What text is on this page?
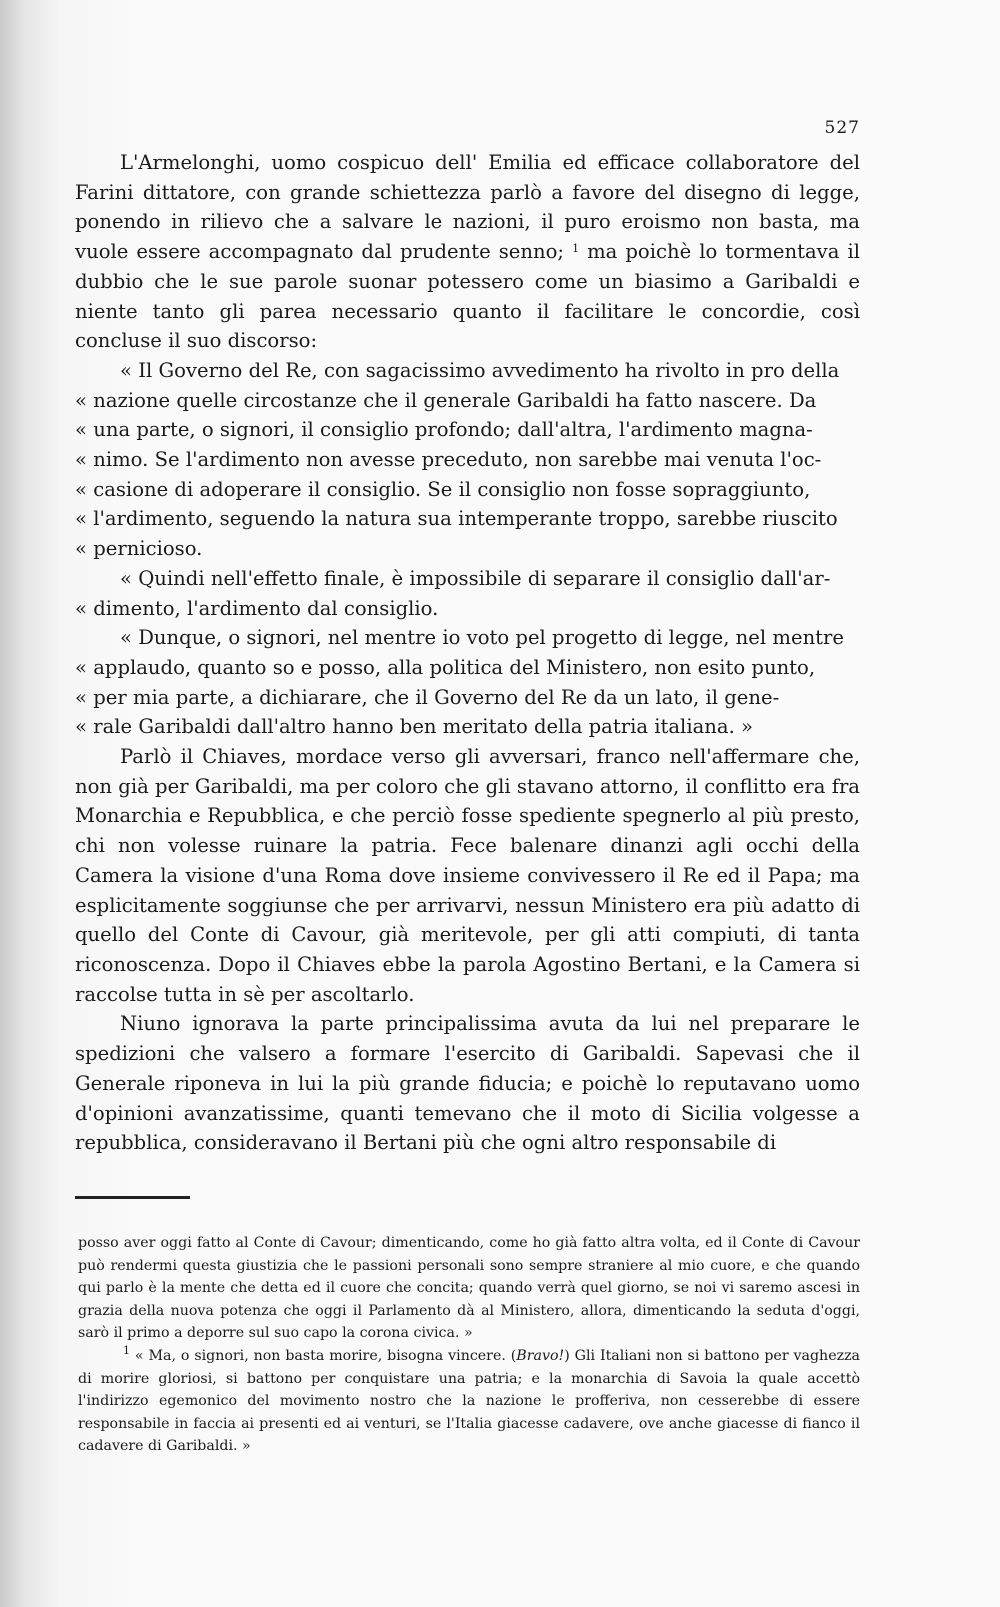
527

L'Armelonghi, uomo cospicuo dell' Emilia ed efficace collaboratore del Farini dittatore, con grande schiettezza parlò a favore del disegno di legge, ponendo in rilievo che a salvare le nazioni, il puro eroismo non basta, ma vuole essere accompagnato dal prudente senno; $^1$ ma poichè lo tormentava il dubbio che le sue parole suonar potessero come un biasimo a Garibaldi e niente tanto gli parea necessario quanto il facilitare le concordie, così concluse il suo discorso:

« Il Governo del Re, con sagacissimo avvedimento ha rivolto in pro della
« nazione quelle circostanze che il generale Garibaldi ha fatto nascere. Da
« una parte, o signori, il consiglio profondo; dall'altra, l'ardimento magna-
« nimo. Se l'ardimento non avesse preceduto, non sarebbe mai venuta l'oc-
« casione di adoperare il consiglio. Se il consiglio non fosse sopraggiunto,
« l'ardimento, seguendo la natura sua intemperante troppo, sarebbe riuscito
« pernicioso.

« Quindi nell'effetto finale, è impossibile di separare il consiglio dall'ar-
« dimento, l'ardimento dal consiglio.

« Dunque, o signori, nel mentre io voto pel progetto di legge, nel mentre
« applaudo, quanto so e posso, alla politica del Ministero, non esito punto,
« per mia parte, a dichiarare, che il Governo del Re da un lato, il gene-
« rale Garibaldi dall'altro hanno ben meritato della patria italiana. »

Parlò il Chiaves, mordace verso gli avversari, franco nell'affermare che, non già per Garibaldi, ma per coloro che gli stavano attorno, il conflitto era fra Monarchia e Repubblica, e che perciò fosse spediente spegnerlo al più presto, chi non volesse ruinare la patria. Fece balenare dinanzi agli occhi della Camera la visione d'una Roma dove insieme convivessero il Re ed il Papa; ma esplicitamente soggiunse che per arrivarvi, nessun Ministero era più adatto di quello del Conte di Cavour, già meritevole, per gli atti compiuti, di tanta riconoscenza. Dopo il Chiaves ebbe la parola Agostino Bertani, e la Camera si raccolse tutta in sè per ascoltarlo.

Niuno ignorava la parte principalissima avuta da lui nel preparare le spedizioni che valsero a formare l'esercito di Garibaldi. Sapevasi che il Generale riponeva in lui la più grande fiducia; e poichè lo reputavano uomo d'opinioni avanzatissime, quanti temevano che il moto di Sicilia volgesse a repubblica, consideravano il Bertani più che ogni altro responsabile di

posso aver oggi fatto al Conte di Cavour; dimenticando, come ho già fatto altra volta, ed il Conte di Cavour può rendermi questa giustizia che le passioni personali sono sempre straniere al mio cuore, e che quando qui parlo è la mente che detta ed il cuore che concita; quando verrà quel giorno, se noi vi saremo ascesi in grazia della nuova potenza che oggi il Parlamento dà al Ministero, allora, dimenticando la seduta d'oggi, sarò il primo a deporre sul suo capo la corona civica. »

$^1$ « Ma, o signori, non basta morire, bisogna vincere. (Bravo!) Gli Italiani non si battono per vaghezza di morire gloriosi, si battono per conquistare una patria; e la monarchia di Savoia la quale accettò l'indirizzo egemonico del movimento nostro che la nazione le profferiva, non cesserebbe di essere responsabile in faccia ai presenti ed ai venturi, se l'Italia giacesse cadavere, ove anche giacesse di fianco il cadavere di Garibaldi. »
